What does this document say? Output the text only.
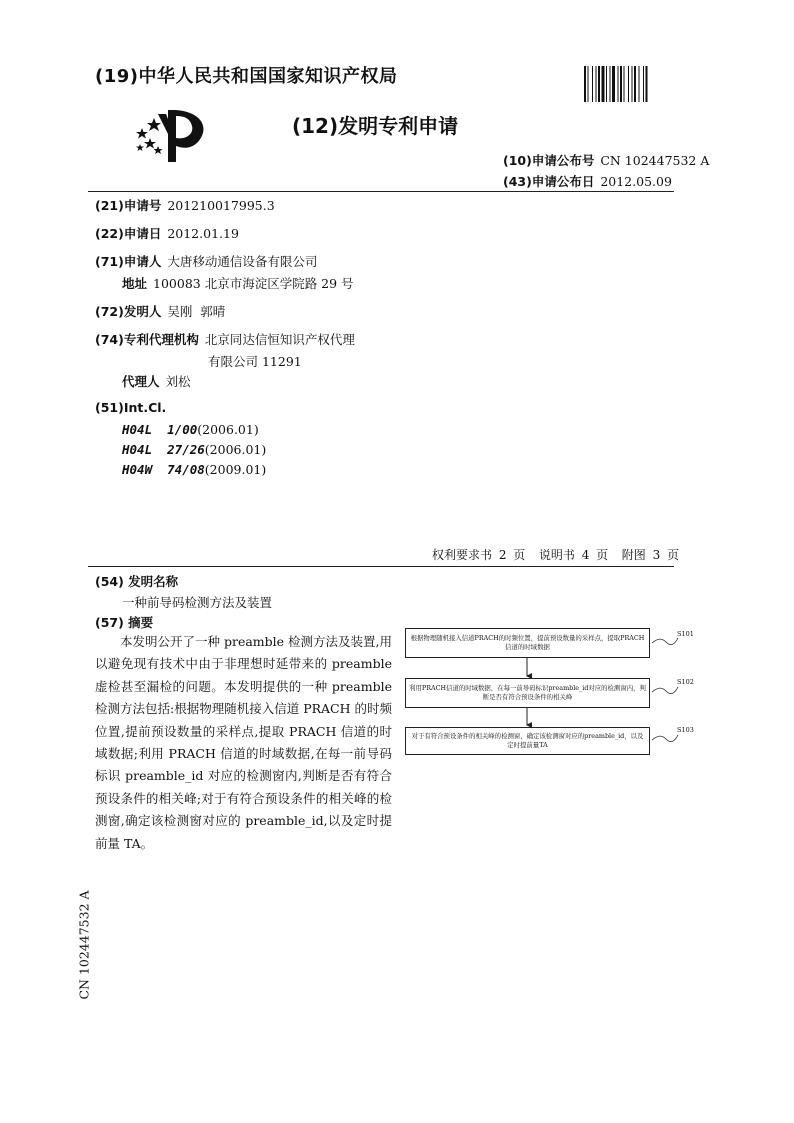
(19)中华人民共和国国家知识产权局
(12)发明专利申请
(10)申请公布号 CN 102447532 A
(43)申请公布日 2012.05.09
(21)申请号 201210017995.3
(22)申请日 2012.01.19
(71)申请人 大唐移动通信设备有限公司
地址 100083 北京市海淀区学院路 29 号
(72)发明人 吴刚  郭晴
(74)专利代理机构 北京同达信恒知识产权代理
有限公司 11291
代理人 刘松
(51)Int.Cl.
H04L  1/00(2006.01)
H04L  27/26(2006.01)
H04W  74/08(2009.01)
权利要求书 2 页  说明书 4 页  附图 3 页
(54) 发明名称
一种前导码检测方法及装置
(57) 摘要

本发明公开了一种 preamble 检测方法及装置,用以避免现有技术中由于非理想时延带来的 preamble 虚检甚至漏检的问题。本发明提供的一种 preamble 检测方法包括:根据物理随机接入信道 PRACH 的时频位置,提前预设数量的采样点,提取 PRACH 信道的时域数据;利用 PRACH 信道的时域数据,在每一前导码标识 preamble_id 对应的检测窗内,判断是否有符合预设条件的相关峰;对于有符合预设条件的相关峰的检测窗,确定该检测窗对应的 preamble_id,以及定时提前量 TA。

CN 102447532 A
根据物理随机接入信道PRACH的时频位置，提前预设数量的采样点，提取PRACH信道的时域数据
利用PRACH信道的时域数据，在每一前导码标识preamble_id对应的检测窗内，判断是否有符合预设条件的相关峰
对于有符合预设条件的相关峰的检测窗，确定该检测窗对应的preamble_id，以及定时提前量TA
S101
S102
S103
